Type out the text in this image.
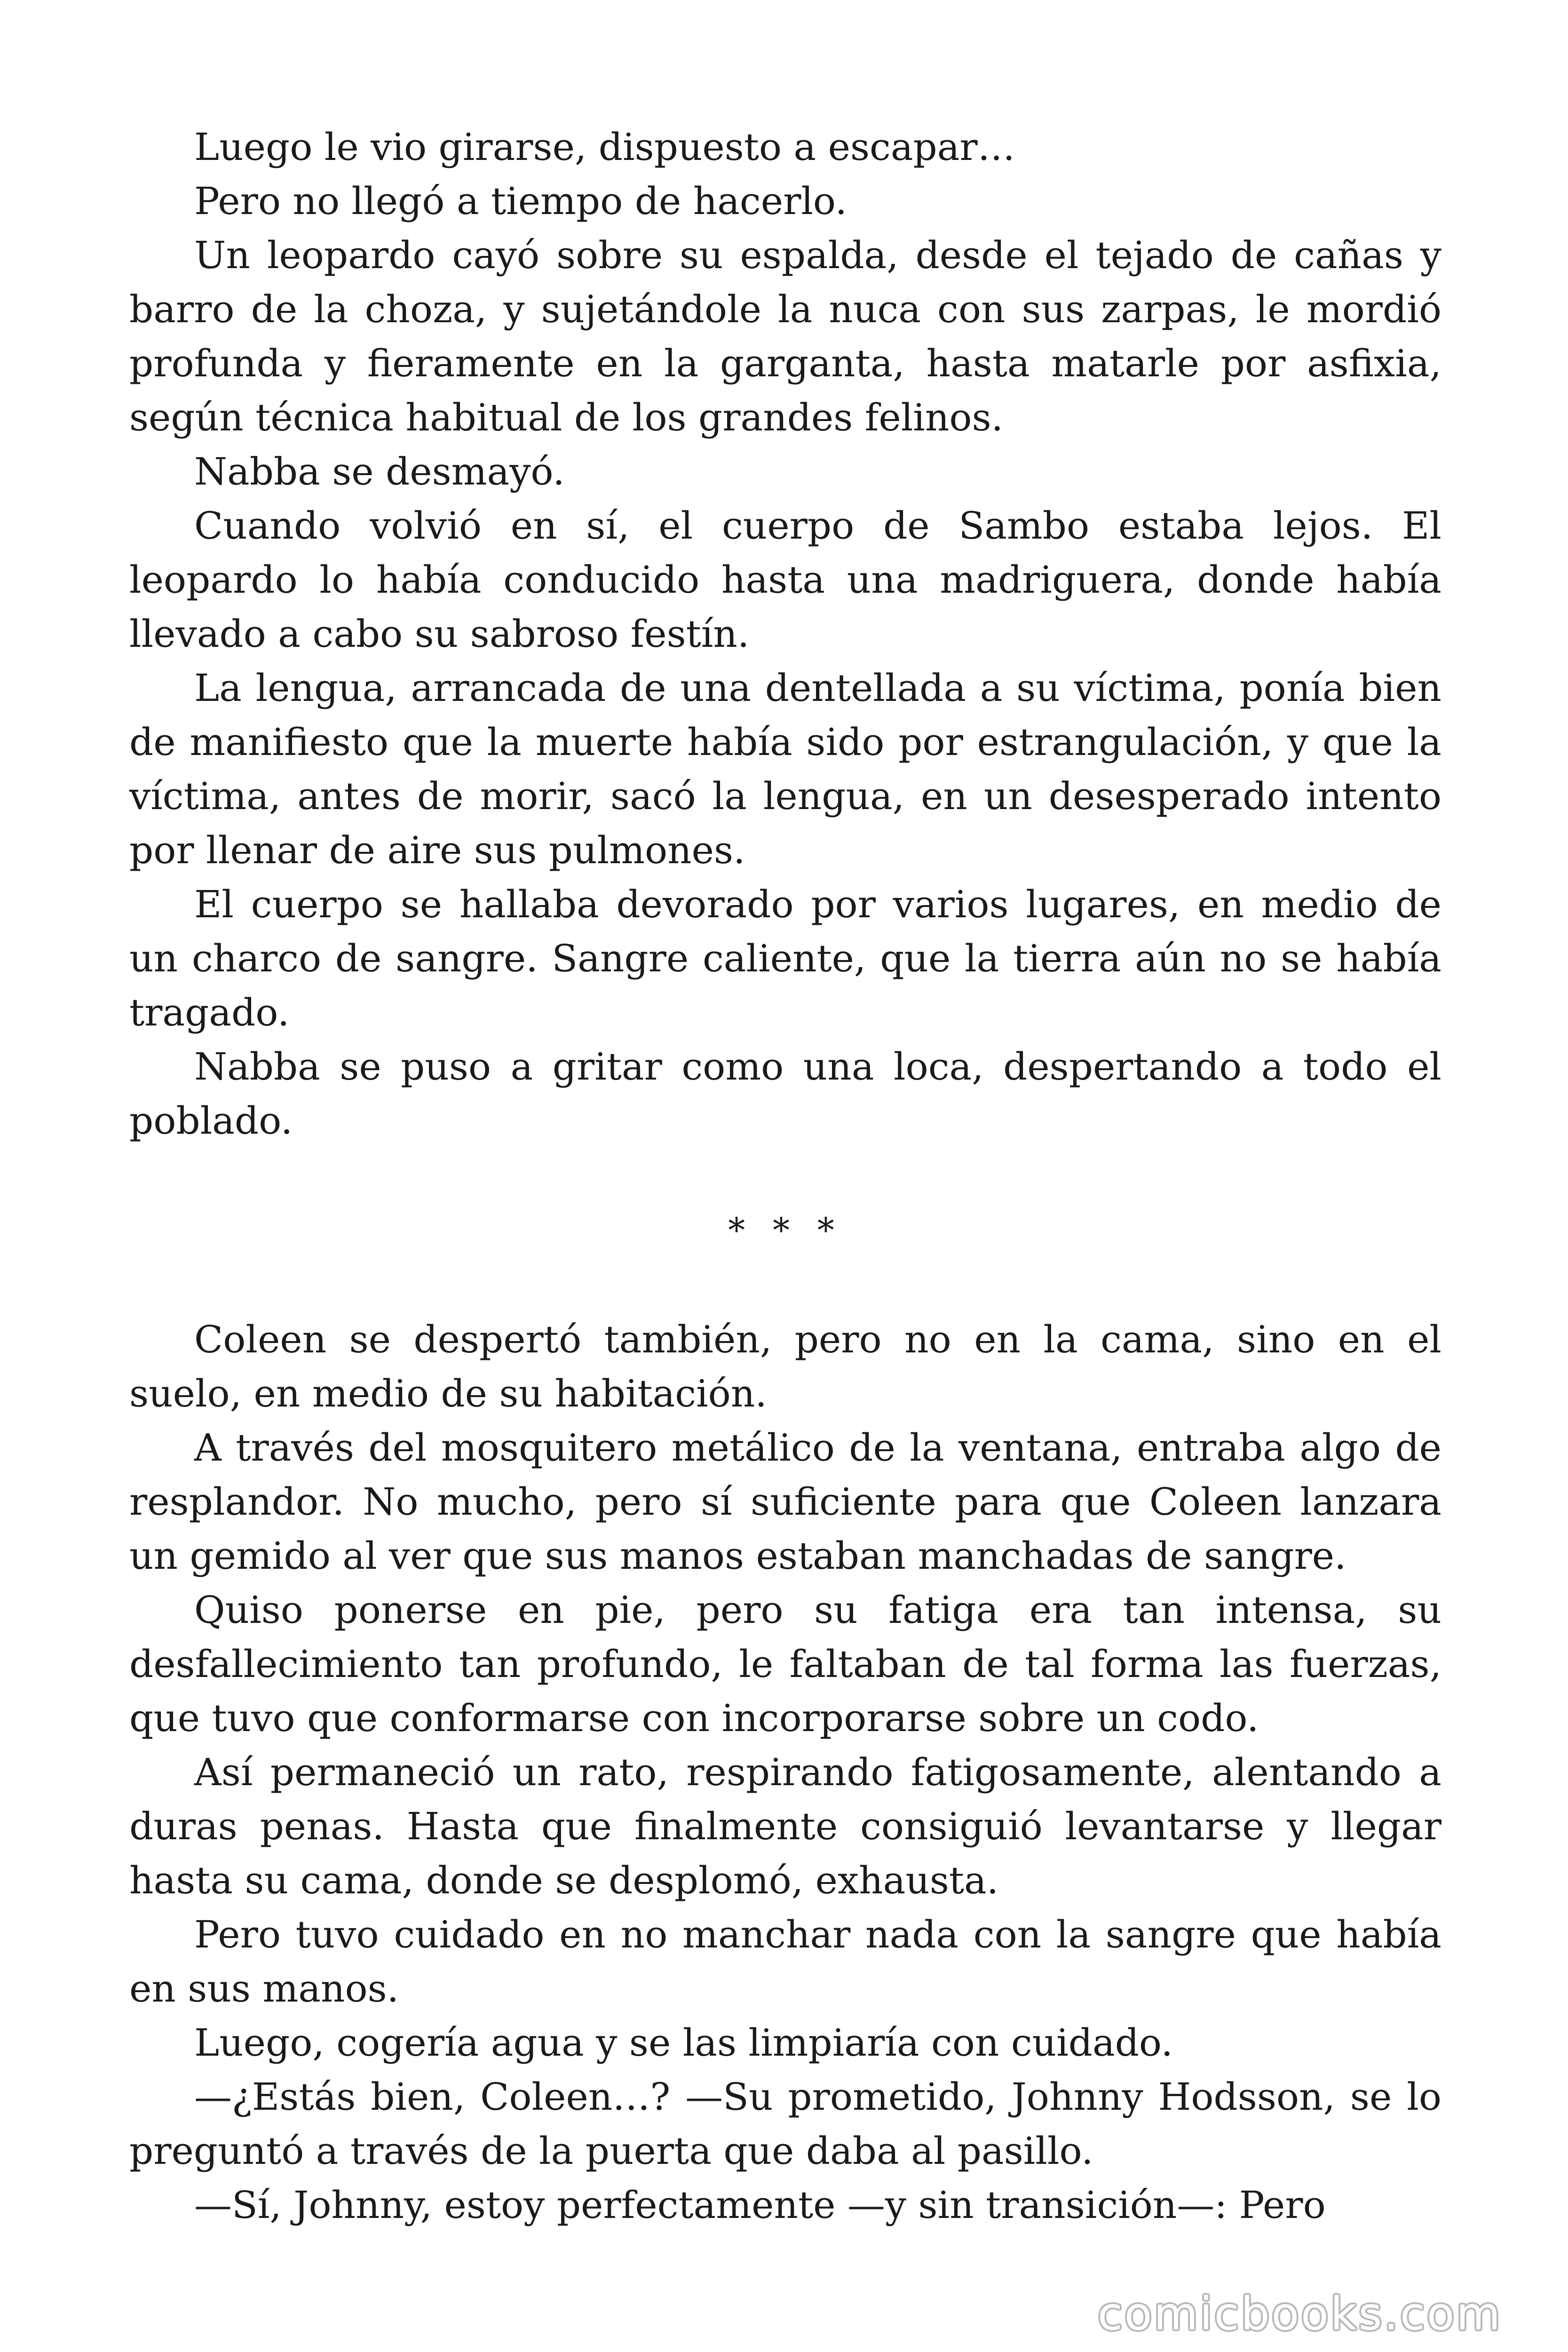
Luego le vio girarse, dispuesto a escapar…

Pero no llegó a tiempo de hacerlo.

Un leopardo cayó sobre su espalda, desde el tejado de cañas y barro de la choza, y sujetándole la nuca con sus zarpas, le mordió profunda y fieramente en la garganta, hasta matarle por asfixia, según técnica habitual de los grandes felinos.

Nabba se desmayó.

Cuando volvió en sí, el cuerpo de Sambo estaba lejos. El leopardo lo había conducido hasta una madriguera, donde había llevado a cabo su sabroso festín.

La lengua, arrancada de una dentellada a su víctima, ponía bien de manifiesto que la muerte había sido por estrangulación, y que la víctima, antes de morir, sacó la lengua, en un desesperado intento por llenar de aire sus pulmones.

El cuerpo se hallaba devorado por varios lugares, en medio de un charco de sangre. Sangre caliente, que la tierra aún no se había tragado.

Nabba se puso a gritar como una loca, despertando a todo el poblado.

* * *

Coleen se despertó también, pero no en la cama, sino en el suelo, en medio de su habitación.

A través del mosquitero metálico de la ventana, entraba algo de resplandor. No mucho, pero sí suficiente para que Coleen lanzara un gemido al ver que sus manos estaban manchadas de sangre.

Quiso ponerse en pie, pero su fatiga era tan intensa, su desfallecimiento tan profundo, le faltaban de tal forma las fuerzas, que tuvo que conformarse con incorporarse sobre un codo.

Así permaneció un rato, respirando fatigosamente, alentando a duras penas. Hasta que finalmente consiguió levantarse y llegar hasta su cama, donde se desplomó, exhausta.

Pero tuvo cuidado en no manchar nada con la sangre que había en sus manos.

Luego, cogería agua y se las limpiaría con cuidado.

—¿Estás bien, Coleen…? —Su prometido, Johnny Hodsson, se lo preguntó a través de la puerta que daba al pasillo.

—Sí, Johnny, estoy perfectamente —y sin transición—: Pero

comicbooks.com
